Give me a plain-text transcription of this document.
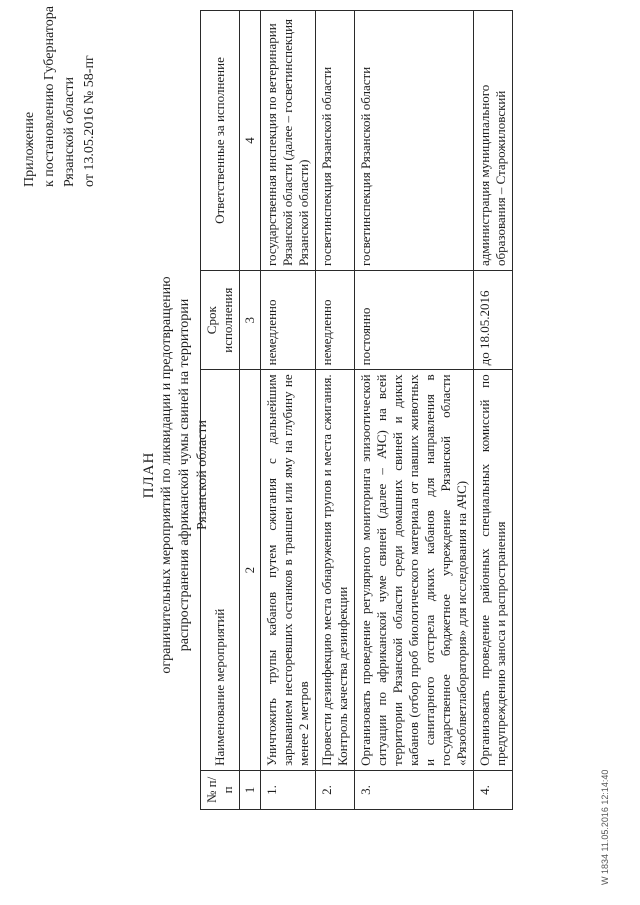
Приложение к постановлению Губернатора Рязанской области от 13.05.2016 № 58-пг
ПЛАН ограничительных мероприятий по ликвидации и предотвращению распространения африканской чумы свиней на территории Рязанской области
№ п/п	Наименование мероприятий	Срок исполнения	Ответственные за исполнение
1	2	3	4
1.	Уничтожить трупы кабанов путем сжигания с дальнейшим зарыванием несгоревших останков в траншеи или яму на глубину не менее 2 метров	немедленно	государственная инспекция по ветеринарии Рязанской области (далее – госветинспекция Рязанской области)
2.	Провести дезинфекцию места обнаружения трупов и места сжигания. Контроль качества дезинфекции	немедленно	госветинспекция Рязанской области
3.	Организовать проведение регулярного мониторинга эпизоотической ситуации по африканской чуме свиней (далее – АЧС) на всей территории Рязанской области среди домашних свиней и диких кабанов (отбор проб биологического материала от павших животных и санитарного отстрела диких кабанов для направления в государственное бюджетное учреждение Рязанской области «Рязоблветлаборатория» для исследования на АЧС)	постоянно	госветинспекция Рязанской области
4.	Организовать проведение районных специальных комиссий по предупреждению заноса и распространения	до 18.05.2016	администрация муниципального образования – Старожиловский
W 1834 11.05.2016 12:14:40
